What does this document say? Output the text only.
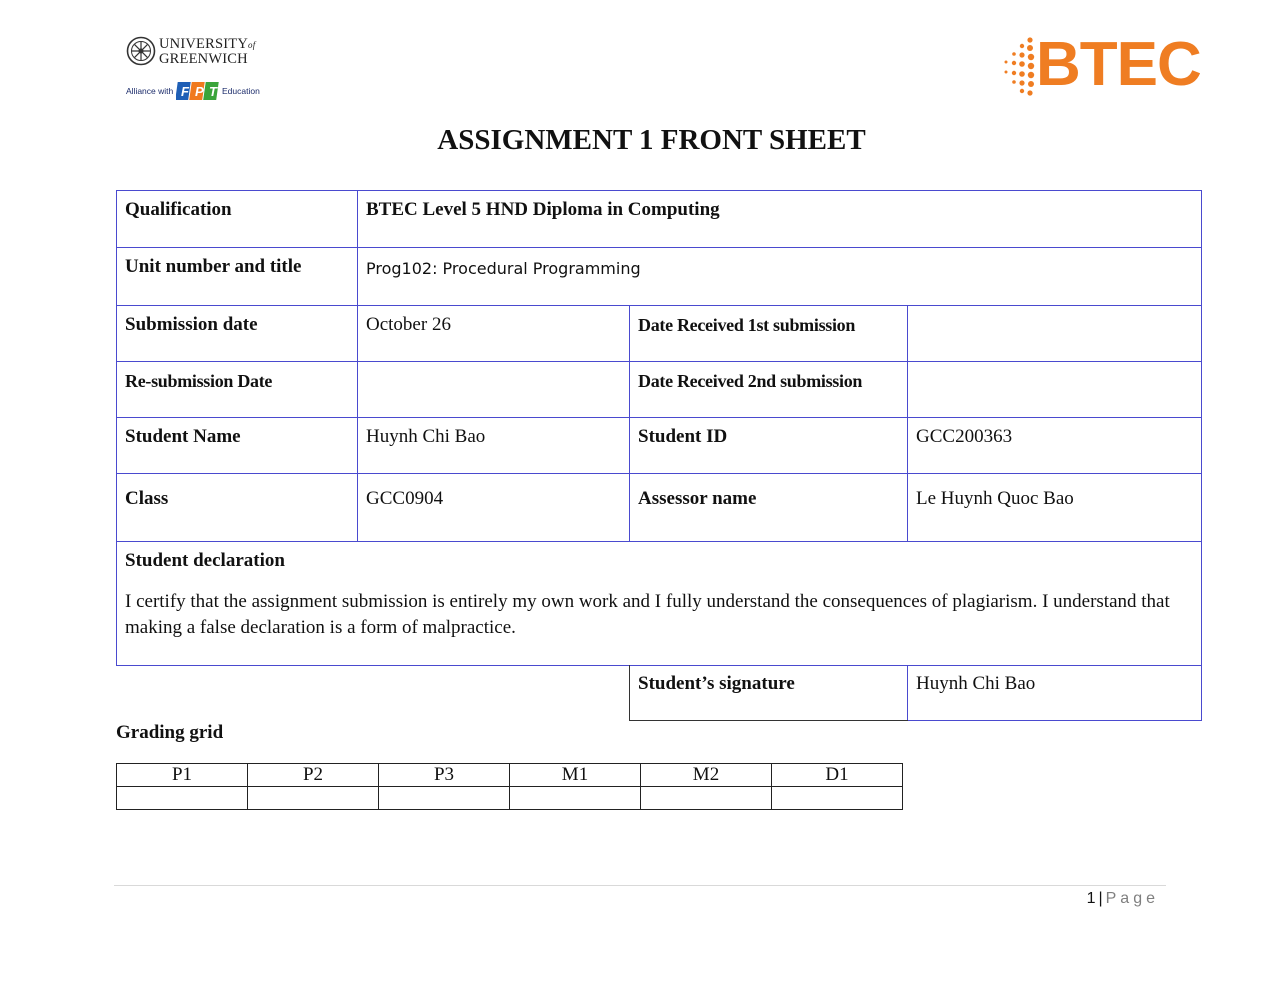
UNIVERSITYof
GREENWICH
Alliance with F P T Education	BTEC
ASSIGNMENT 1 FRONT SHEET
Qualification	BTEC Level 5 HND Diploma in Computing		
Unit number and title	Prog102: Procedural Programming		
Submission date	October 26	Date Received 1st submission	
Re-submission Date		Date Received 2nd submission	
Student Name	Huynh Chi Bao	Student ID	GCC200363
Class	GCC0904	Assessor name	Le Huynh Quoc Bao

Student declaration
I certify that the assignment submission is entirely my own work and I fully understand the consequences of plagiarism. I understand that making a false declaration is a form of malpractice.			
Student’s signature	Huynh Chi Bao
Grading grid
P1	P2	P3	M1	M2	D1

1 | Page
